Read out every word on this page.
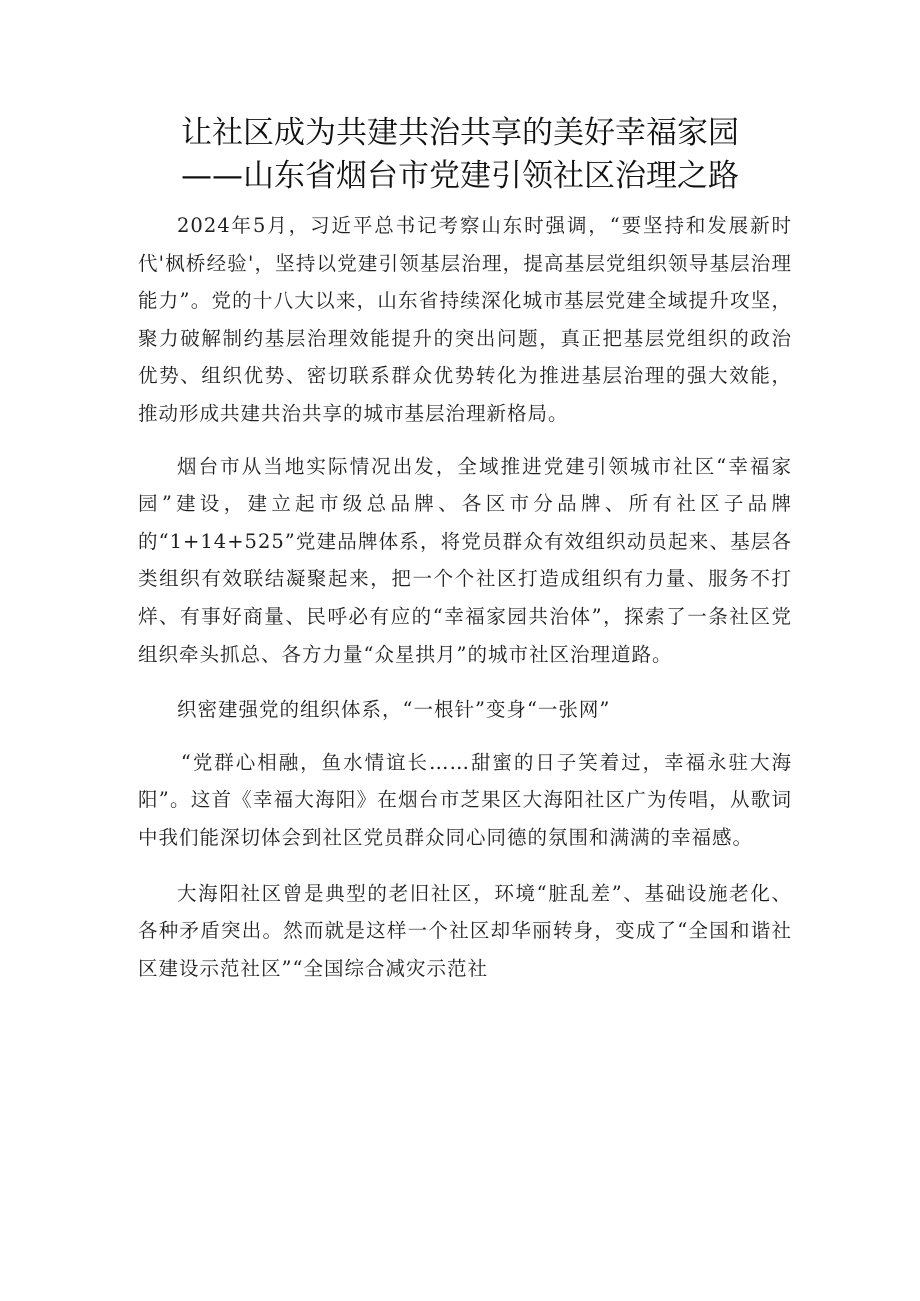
让社区成为共建共治共享的美好幸福家园
——山东省烟台市党建引领社区治理之路

2024年5月，习近平总书记考察山东时强调，“要坚持和发展新时代'枫桥经验'，坚持以党建引领基层治理，提高基层党组织领导基层治理能力”。党的十八大以来，山东省持续深化城市基层党建全域提升攻坚，聚力破解制约基层治理效能提升的突出问题，真正把基层党组织的政治优势、组织优势、密切联系群众优势转化为推进基层治理的强大效能，推动形成共建共治共享的城市基层治理新格局。

烟台市从当地实际情况出发，全域推进党建引领城市社区“幸福家园”建设，建立起市级总品牌、各区市分品牌、所有社区子品牌的“1+14+525”党建品牌体系，将党员群众有效组织动员起来、基层各类组织有效联结凝聚起来，把一个个社区打造成组织有力量、服务不打烊、有事好商量、民呼必有应的“幸福家园共治体”，探索了一条社区党组织牵头抓总、各方力量“众星拱月”的城市社区治理道路。

织密建强党的组织体系，“一根针”变身“一张网”

“党群心相融，鱼水情谊长……甜蜜的日子笑着过，幸福永驻大海阳”。这首《幸福大海阳》在烟台市芝果区大海阳社区广为传唱，从歌词中我们能深切体会到社区党员群众同心同德的氛围和满满的幸福感。

大海阳社区曾是典型的老旧社区，环境“脏乱差”、基础设施老化、各种矛盾突出。然而就是这样一个社区却华丽转身，变成了“全国和谐社区建设示范社区”“全国综合减灾示范社
